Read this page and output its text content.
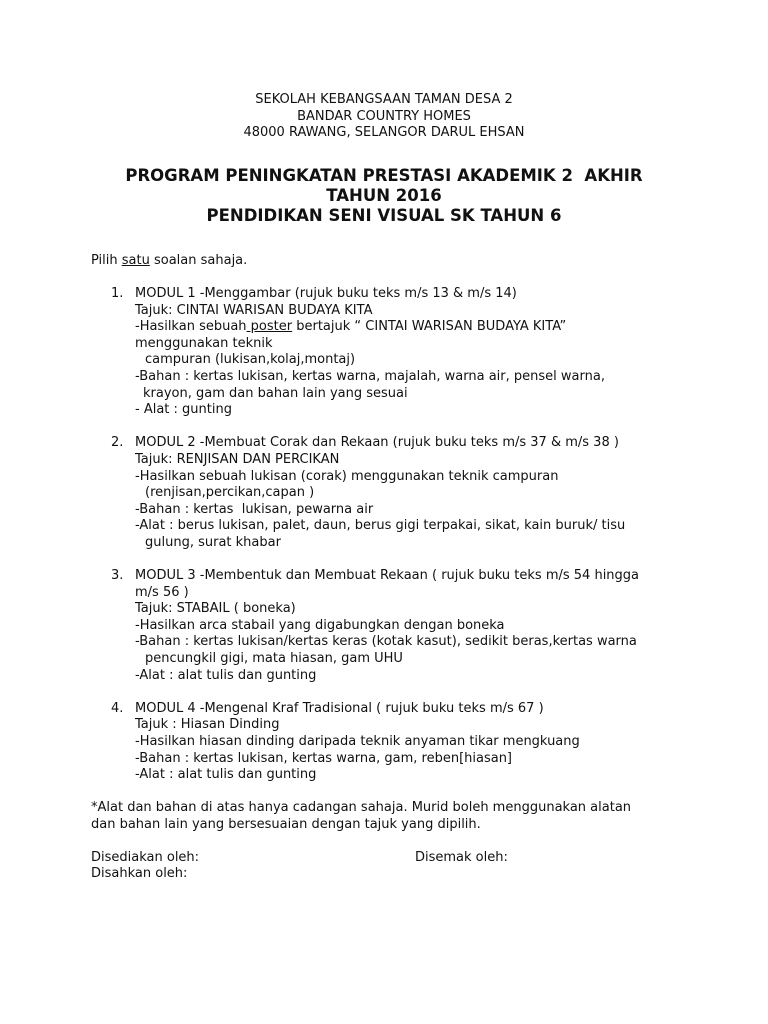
SEKOLAH KEBANGSAAN TAMAN DESA 2
BANDAR COUNTRY HOMES
48000 RAWANG, SELANGOR DARUL EHSAN
PROGRAM PENINGKATAN PRESTASI AKADEMIK 2  AKHIR
TAHUN 2016
PENDIDIKAN SENI VISUAL SK TAHUN 6
Pilih satu soalan sahaja.
1. MODUL 1 -Menggambar (rujuk buku teks m/s 13 & m/s 14)
Tajuk: CINTAI WARISAN BUDAYA KITA
-Hasilkan sebuah poster bertajuk “ CINTAI WARISAN BUDAYA KITA”
menggunakan teknik
campuran (lukisan,kolaj,montaj)
-Bahan : kertas lukisan, kertas warna, majalah, warna air, pensel warna,
krayon, gam dan bahan lain yang sesuai
- Alat : gunting
2. MODUL 2 -Membuat Corak dan Rekaan (rujuk buku teks m/s 37 & m/s 38 )
Tajuk: RENJISAN DAN PERCIKAN
-Hasilkan sebuah lukisan (corak) menggunakan teknik campuran
(renjisan,percikan,capan )
-Bahan : kertas  lukisan, pewarna air
-Alat : berus lukisan, palet, daun, berus gigi terpakai, sikat, kain buruk/ tisu
gulung, surat khabar
3. MODUL 3 -Membentuk dan Membuat Rekaan ( rujuk buku teks m/s 54 hingga
m/s 56 )
Tajuk: STABAIL ( boneka)
-Hasilkan arca stabail yang digabungkan dengan boneka
-Bahan : kertas lukisan/kertas keras (kotak kasut), sedikit beras,kertas warna
pencungkil gigi, mata hiasan, gam UHU
-Alat : alat tulis dan gunting
4. MODUL 4 -Mengenal Kraf Tradisional ( rujuk buku teks m/s 67 )
Tajuk : Hiasan Dinding
-Hasilkan hiasan dinding daripada teknik anyaman tikar mengkuang
-Bahan : kertas lukisan, kertas warna, gam, reben[hiasan]
-Alat : alat tulis dan gunting
*Alat dan bahan di atas hanya cadangan sahaja. Murid boleh menggunakan alatan
dan bahan lain yang bersesuaian dengan tajuk yang dipilih.
Disediakan oleh:	Disemak oleh:
Disahkan oleh:
